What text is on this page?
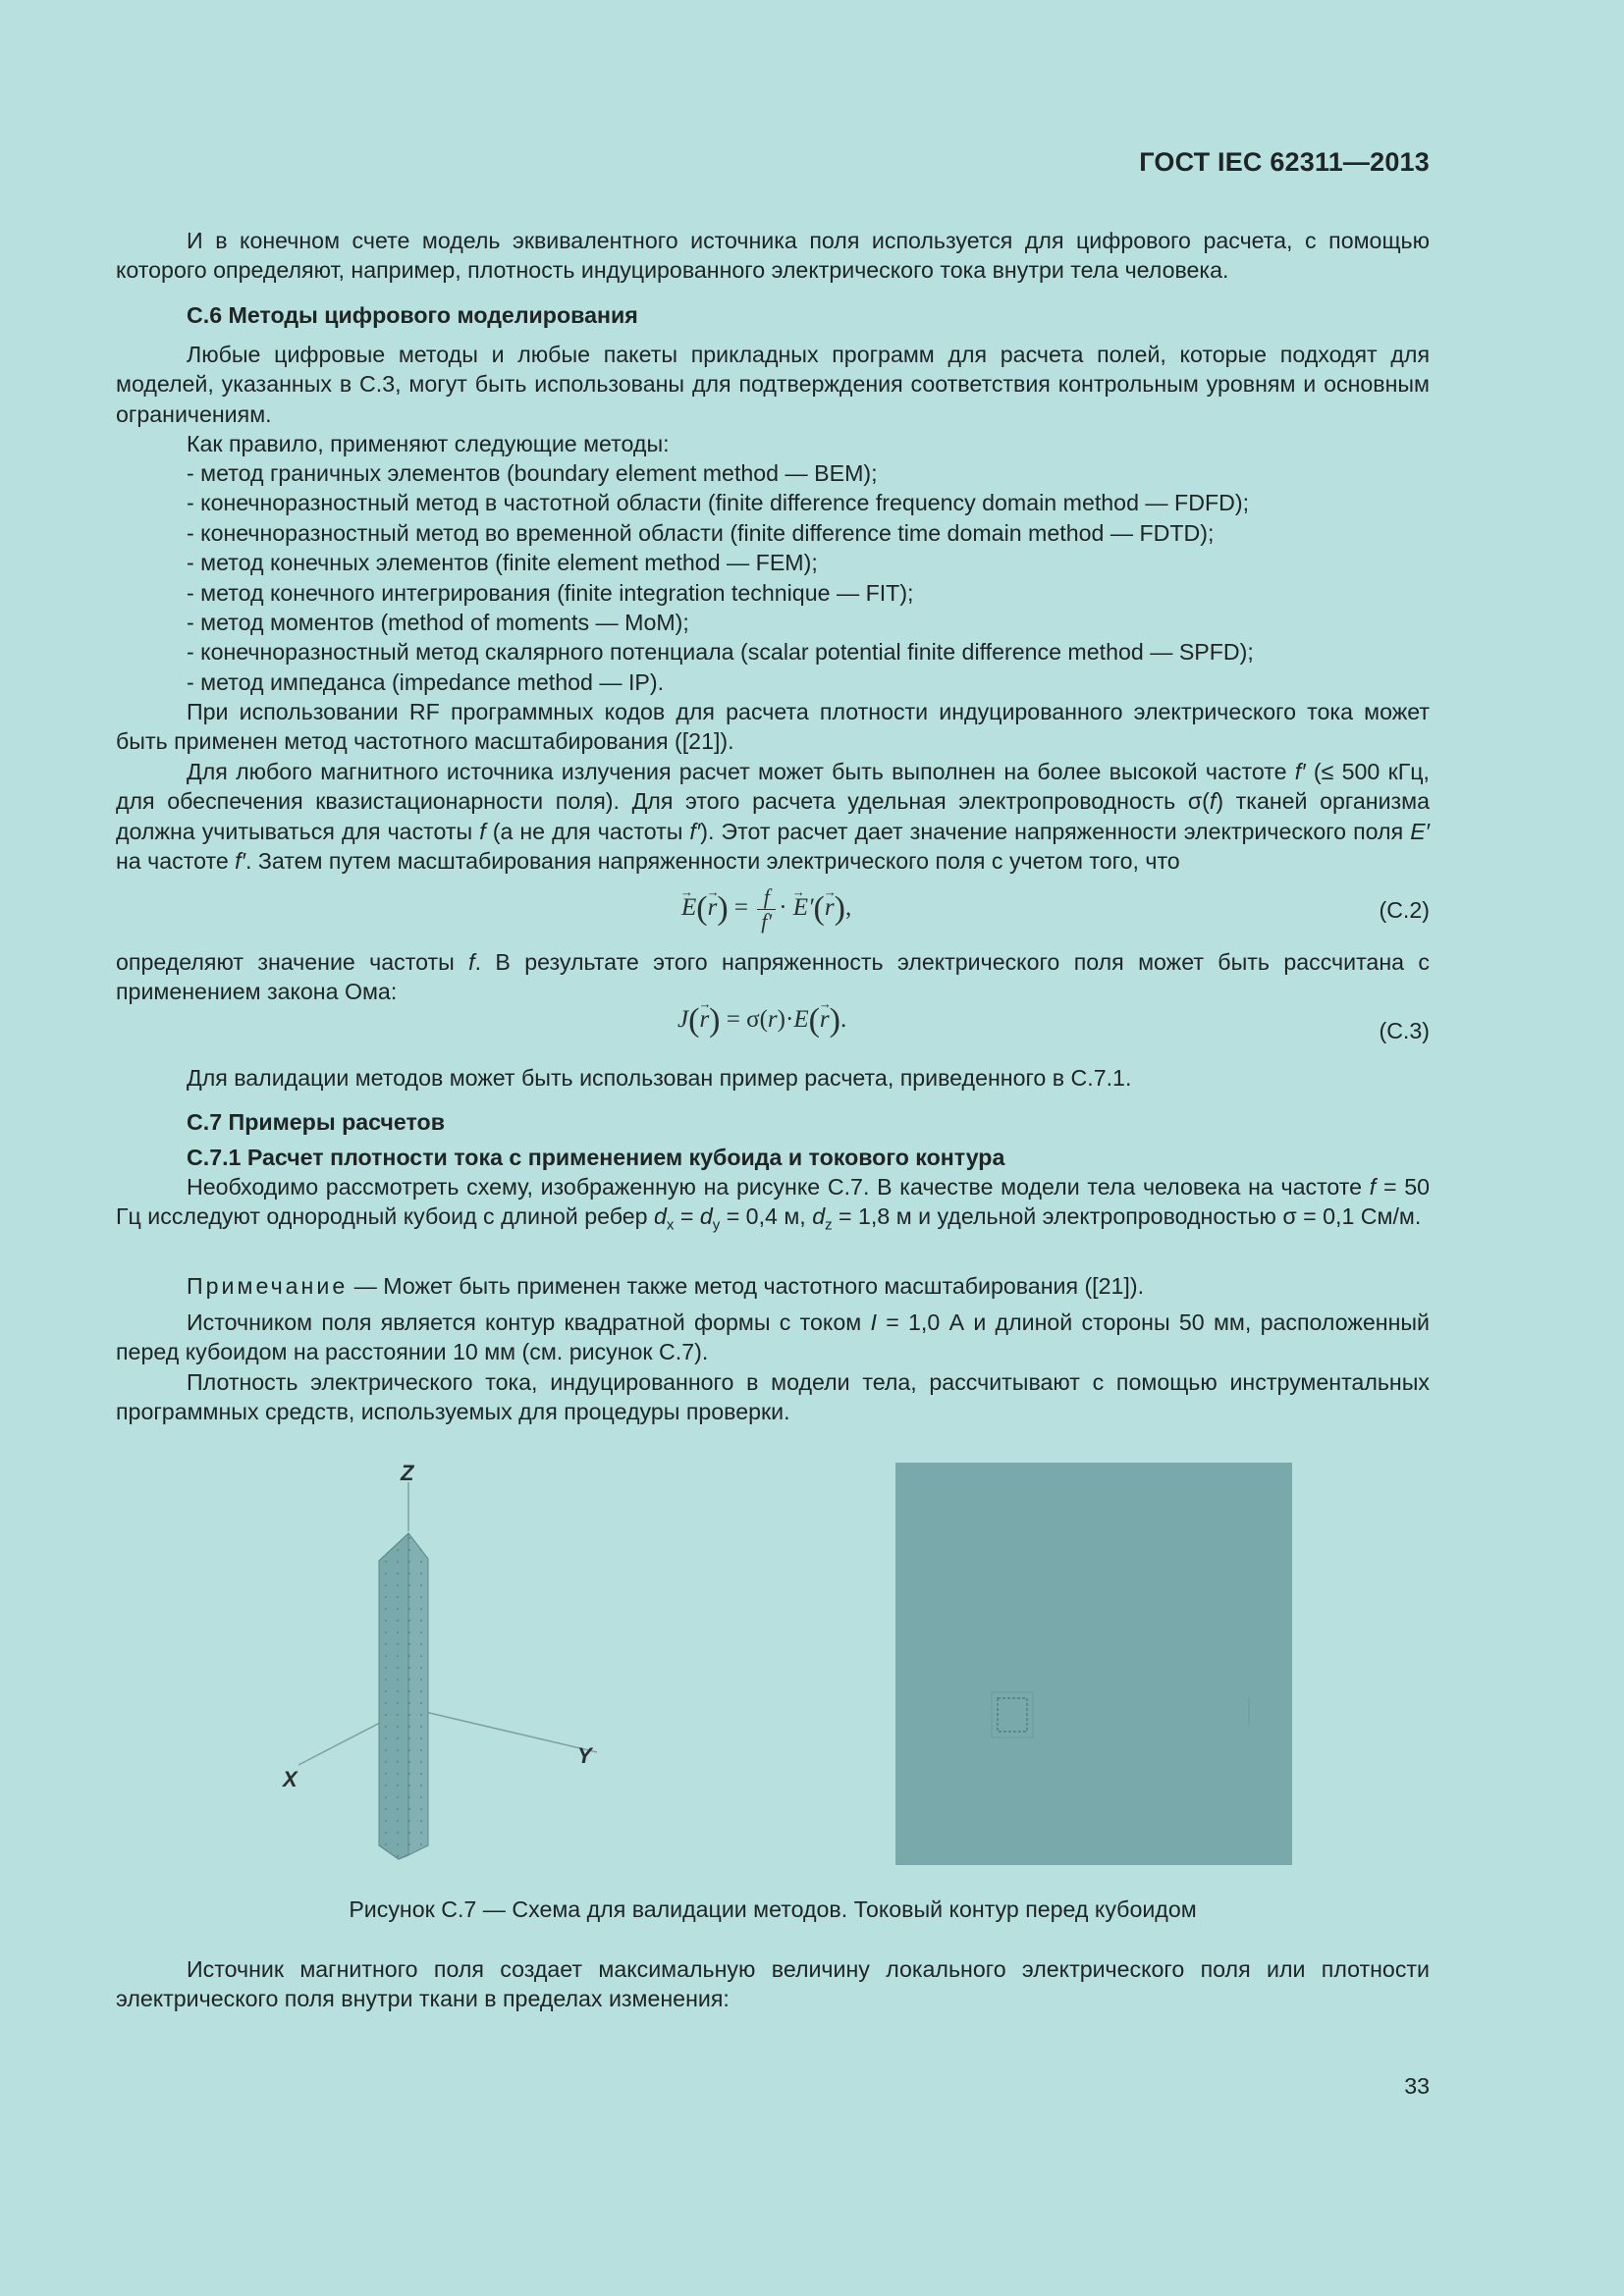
ГОСТ IEC 62311—2013

И в конечном счете модель эквивалентного источника поля используется для цифрового расчета, с помощью которого определяют, например, плотность индуцированного электрического тока внутри тела человека.

С.6 Методы цифрового моделирования

Любые цифровые методы и любые пакеты прикладных программ для расчета полей, которые подходят для моделей, указанных в С.3, могут быть использованы для подтверждения соответствия контрольным уровням и основным ограничениям.

Как правило, применяют следующие методы:
- метод граничных элементов (boundary element method — BEM);
- конечноразностный метод в частотной области (finite difference frequency domain method — FDFD);
- конечноразностный метод во временной области (finite difference time domain method — FDTD);
- метод конечных элементов (finite element method — FEM);
- метод конечного интегрирования (finite integration technique — FIT);
- метод моментов (method of moments — MoM);
- конечноразностный метод скалярного потенциала (scalar potential finite difference method — SPFD);
- метод импеданса (impedance method — IP).

При использовании RF программных кодов для расчета плотности индуцированного электрического тока может быть применен метод частотного масштабирования ([21]).

Для любого магнитного источника излучения расчет может быть выполнен на более высокой частоте f′ (≤ 500 кГц, для обеспечения квазистационарности поля). Для этого расчета удельная электропроводность σ(f) тканей организма должна учитываться для частоты f (а не для частоты f′). Этот расчет дает значение напряженности электрического поля E′ на частоте f′. Затем путем масштабирования напряженности электрического поля с учетом того, что

→ $E(\to r) = \frac{f}{f'}$ · → E′(→ r),	(C.2)

определяют значение частоты f. В результате этого напряженность электрического поля может быть рассчитана с применением закона Ома:

J(→ r) = σ(r)·E(→ r).	(C.3)
Для валидации методов может быть использован пример расчета, приведенного в С.7.1.
С.7 Примеры расчетов
С.7.1 Расчет плотности тока с применением кубоида и токового контура

Необходимо рассмотреть схему, изображенную на рисунке С.7. В качестве модели тела человека на частоте f = 50 Гц исследуют однородный кубоид с длиной ребер $d_x = d_y = 0,4$ м, $d_z = 1,8$ м и удельной электропроводностью σ = 0,1 См/м.

Примечание — Может быть применен также метод частотного масштабирования ([21]).

Источником поля является контур квадратной формы с током I = 1,0 А и длиной стороны 50 мм, расположенный перед кубоидом на расстоянии 10 мм (см. рисунок С.7).

Плотность электрического тока, индуцированного в модели тела, рассчитывают с помощью инструментальных программных средств, используемых для процедуры проверки.

Z
X
Y
Рисунок С.7 — Схема для валидации методов. Токовый контур перед кубоидом

Источник магнитного поля создает максимальную величину локального электрического поля или плотности электрического поля внутри ткани в пределах изменения:

33
